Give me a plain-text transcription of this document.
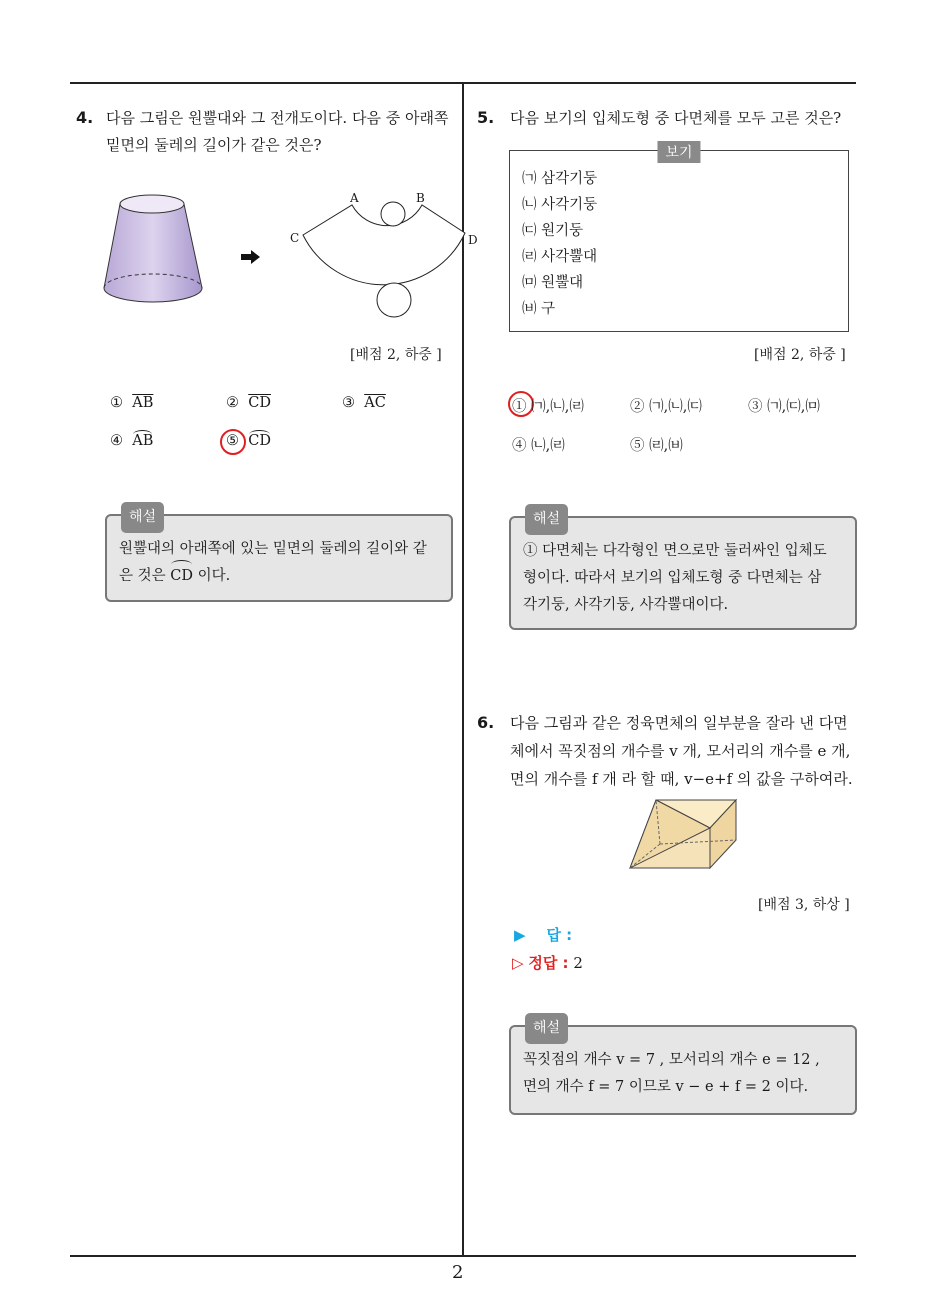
2
4. 다음 그림은 원뿔대와 그 전개도이다. 다음 중 아래쪽
밑면의 둘레의 길이가 같은 것은?
A	B
C	D
[배점 2, 하중 ]
① $\overline{AB}$	② $\overline{CD}$	③ $\overline{AC}$
④ AB	⑤ CD
해설
원뿔대의 아래쪽에 있는 밑면의 둘레의 길이와 같
은 것은 CD 이다.
5. 다음 보기의 입체도형 중 다면체를 모두 고른 것은?
보기
㈀ 삼각기둥
㈁ 사각기둥
㈂ 원기둥
㈃ 사각뿔대
㈄ 원뿔대
㈅ 구
[배점 2, 하중 ]
① ㈀,㈁,㈃	② ㈀,㈁,㈂	③ ㈀,㈂,㈄
④ ㈁,㈃	⑤ ㈃,㈅
해설
① 다면체는 다각형인 면으로만 둘러싸인 입체도
형이다. 따라서 보기의 입체도형 중 다면체는 삼
각기둥, 사각기둥, 사각뿔대이다.
6. 다음 그림과 같은 정육면체의 일부분을 잘라 낸 다면
체에서 꼭짓점의 개수를 v 개, 모서리의 개수를 e 개,
면의 개수를 f 개 라 할 때, v−e+f 의 값을 구하여라.
[배점 3, 하상 ]
▶ 답 :
▷ 정답 : 2
해설
꼭짓점의 개수 v = 7 , 모서리의 개수 e = 12 ,
면의 개수 f = 7 이므로 v − e + f = 2 이다.
